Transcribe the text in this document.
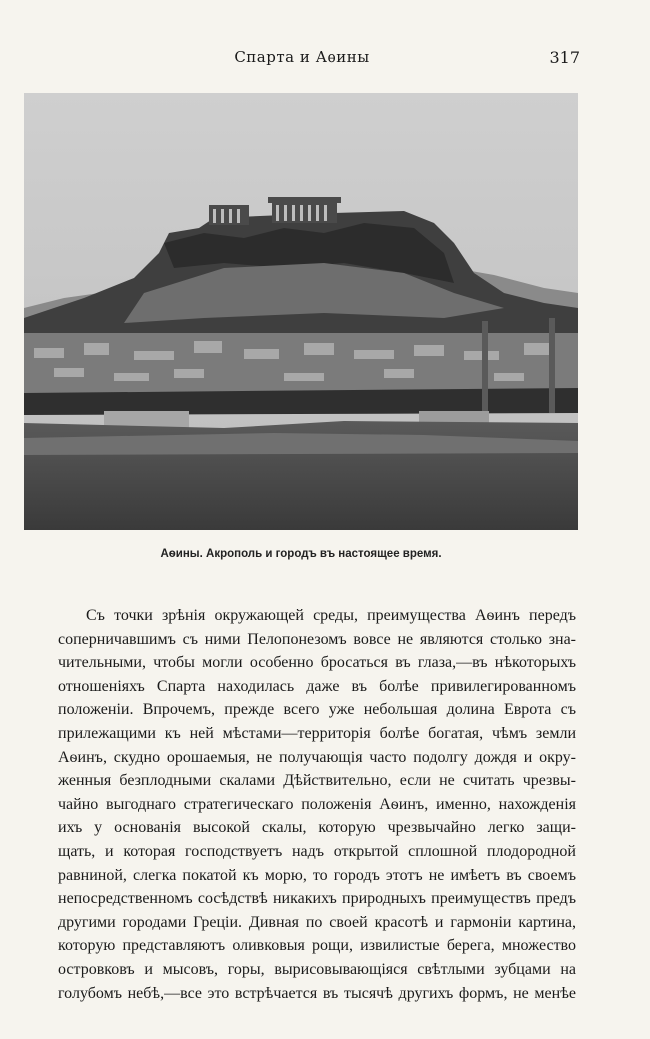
Спарта и Аѳины	317
Аѳины. Акрополь и городъ въ настоящее время.
Съ точки зрѣнія окружающей среды, преимущества Аѳинъ передъ
соперничавшимъ съ ними Пелопонезомъ вовсе не являются столько зна-
чительными, чтобы могли особенно бросаться въ глаза,—въ нѣкоторыхъ
отношеніяхъ Спарта находилась даже въ болѣе привилегированномъ
положеніи. Впрочемъ, прежде всего уже небольшая долина Еврота съ
прилежащими къ ней мѣстами—территорія болѣе богатая, чѣмъ земли
Аѳинъ, скудно орошаемыя, не получающія часто подолгу дождя и окру-
женныя безплодными скалами Дѣйствительно, если не считать чрезвы-
чайно выгоднаго стратегическаго положенія Аѳинъ, именно, нахожденія
ихъ у основанія высокой скалы, которую чрезвычайно легко защи-
щать, и которая господствуетъ надъ открытой сплошной плодородной
равниной, слегка покатой къ морю, то городъ этотъ не имѣетъ въ своемъ
непосредственномъ сосѣдствѣ никакихъ природныхъ преимуществъ предъ
другими городами Греціи. Дивная по своей красотѣ и гармоніи картина,
которую представляютъ оливковыя рощи, извилистые берега, множество
островковъ и мысовъ, горы, вырисовывающіяся свѣтлыми зубцами на
голубомъ небѣ,—все это встрѣчается въ тысячѣ другихъ формъ, не менѣе
